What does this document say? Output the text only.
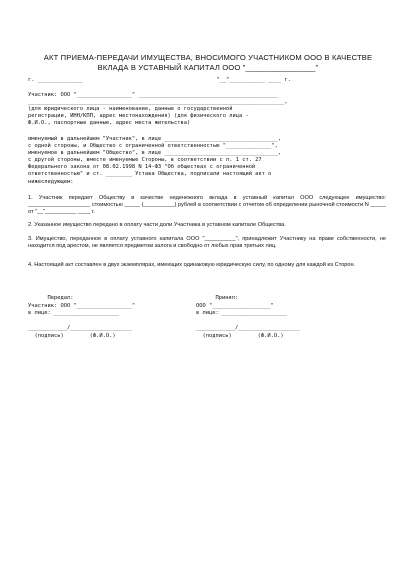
АКТ ПРИЕМА-ПЕРЕДАЧИ ИМУЩЕСТВА, ВНОСИМОГО УЧАСТНИКОМ ООО В КАЧЕСТВЕ
ВКЛАДА В УСТАВНЫЙ КАПИТАЛ ООО "________________"

г. ______________                                         "__"___________ ____ г.

Участник: ООО "_________________" ___________________________________________
_______________________________________________________________________________,
(для юридического лица - наименование, данные о государственной
регистрации, ИНН/КПП, адрес местонахождения) (для физического лица -
Ф.И.О., паспортные данные, адрес места жительства)

именуемый в дальнейшем "Участник", в лице ___________________________________,
с одной стороны, и Общество с ограниченной ответственностью "______________",
именуемое в дальнейшем "Общество", в лице ___________________________________,
с другой стороны, вместе именуемые Стороны, в соответствии с п. 1 ст. 27
Федерального закона от 08.02.1998 N 14-ФЗ "Об обществах с ограниченной
ответственностью" и ст. ________ Устава Общества, подписали настоящий акт о
нижеследующем:

1. Участник передает Обществу в качестве неденежного вклада в уставный капитал ООО следующее имущество: ____________________ стоимостью _____ (__________) рублей в соответствии с отчетом об определении рыночной стоимости N _____ от "__"__________ ____ г.

2. Указанное имущество передано в оплату части доли Участника в уставном капитале Общества.

3. Имущество, переданное в оплату уставного капитала ООО "__________", принадлежит Участнику на праве собственности, не находится под арестом, не является предметом залога и свободно от любых прав третьих лиц.

4. Настоящий акт составлен в двух экземплярах, имеющих одинаковую юридическую силу, по одному для каждой из Сторон.

Передал:
Участник: ООО "_________________"
в лице: ____________________

____________/___________________
(подпись)        (Ф.И.О.)
Принял:
ООО "__________________"
в лице: ____________________

____________/___________________
(подпись)        (Ф.И.О.)
